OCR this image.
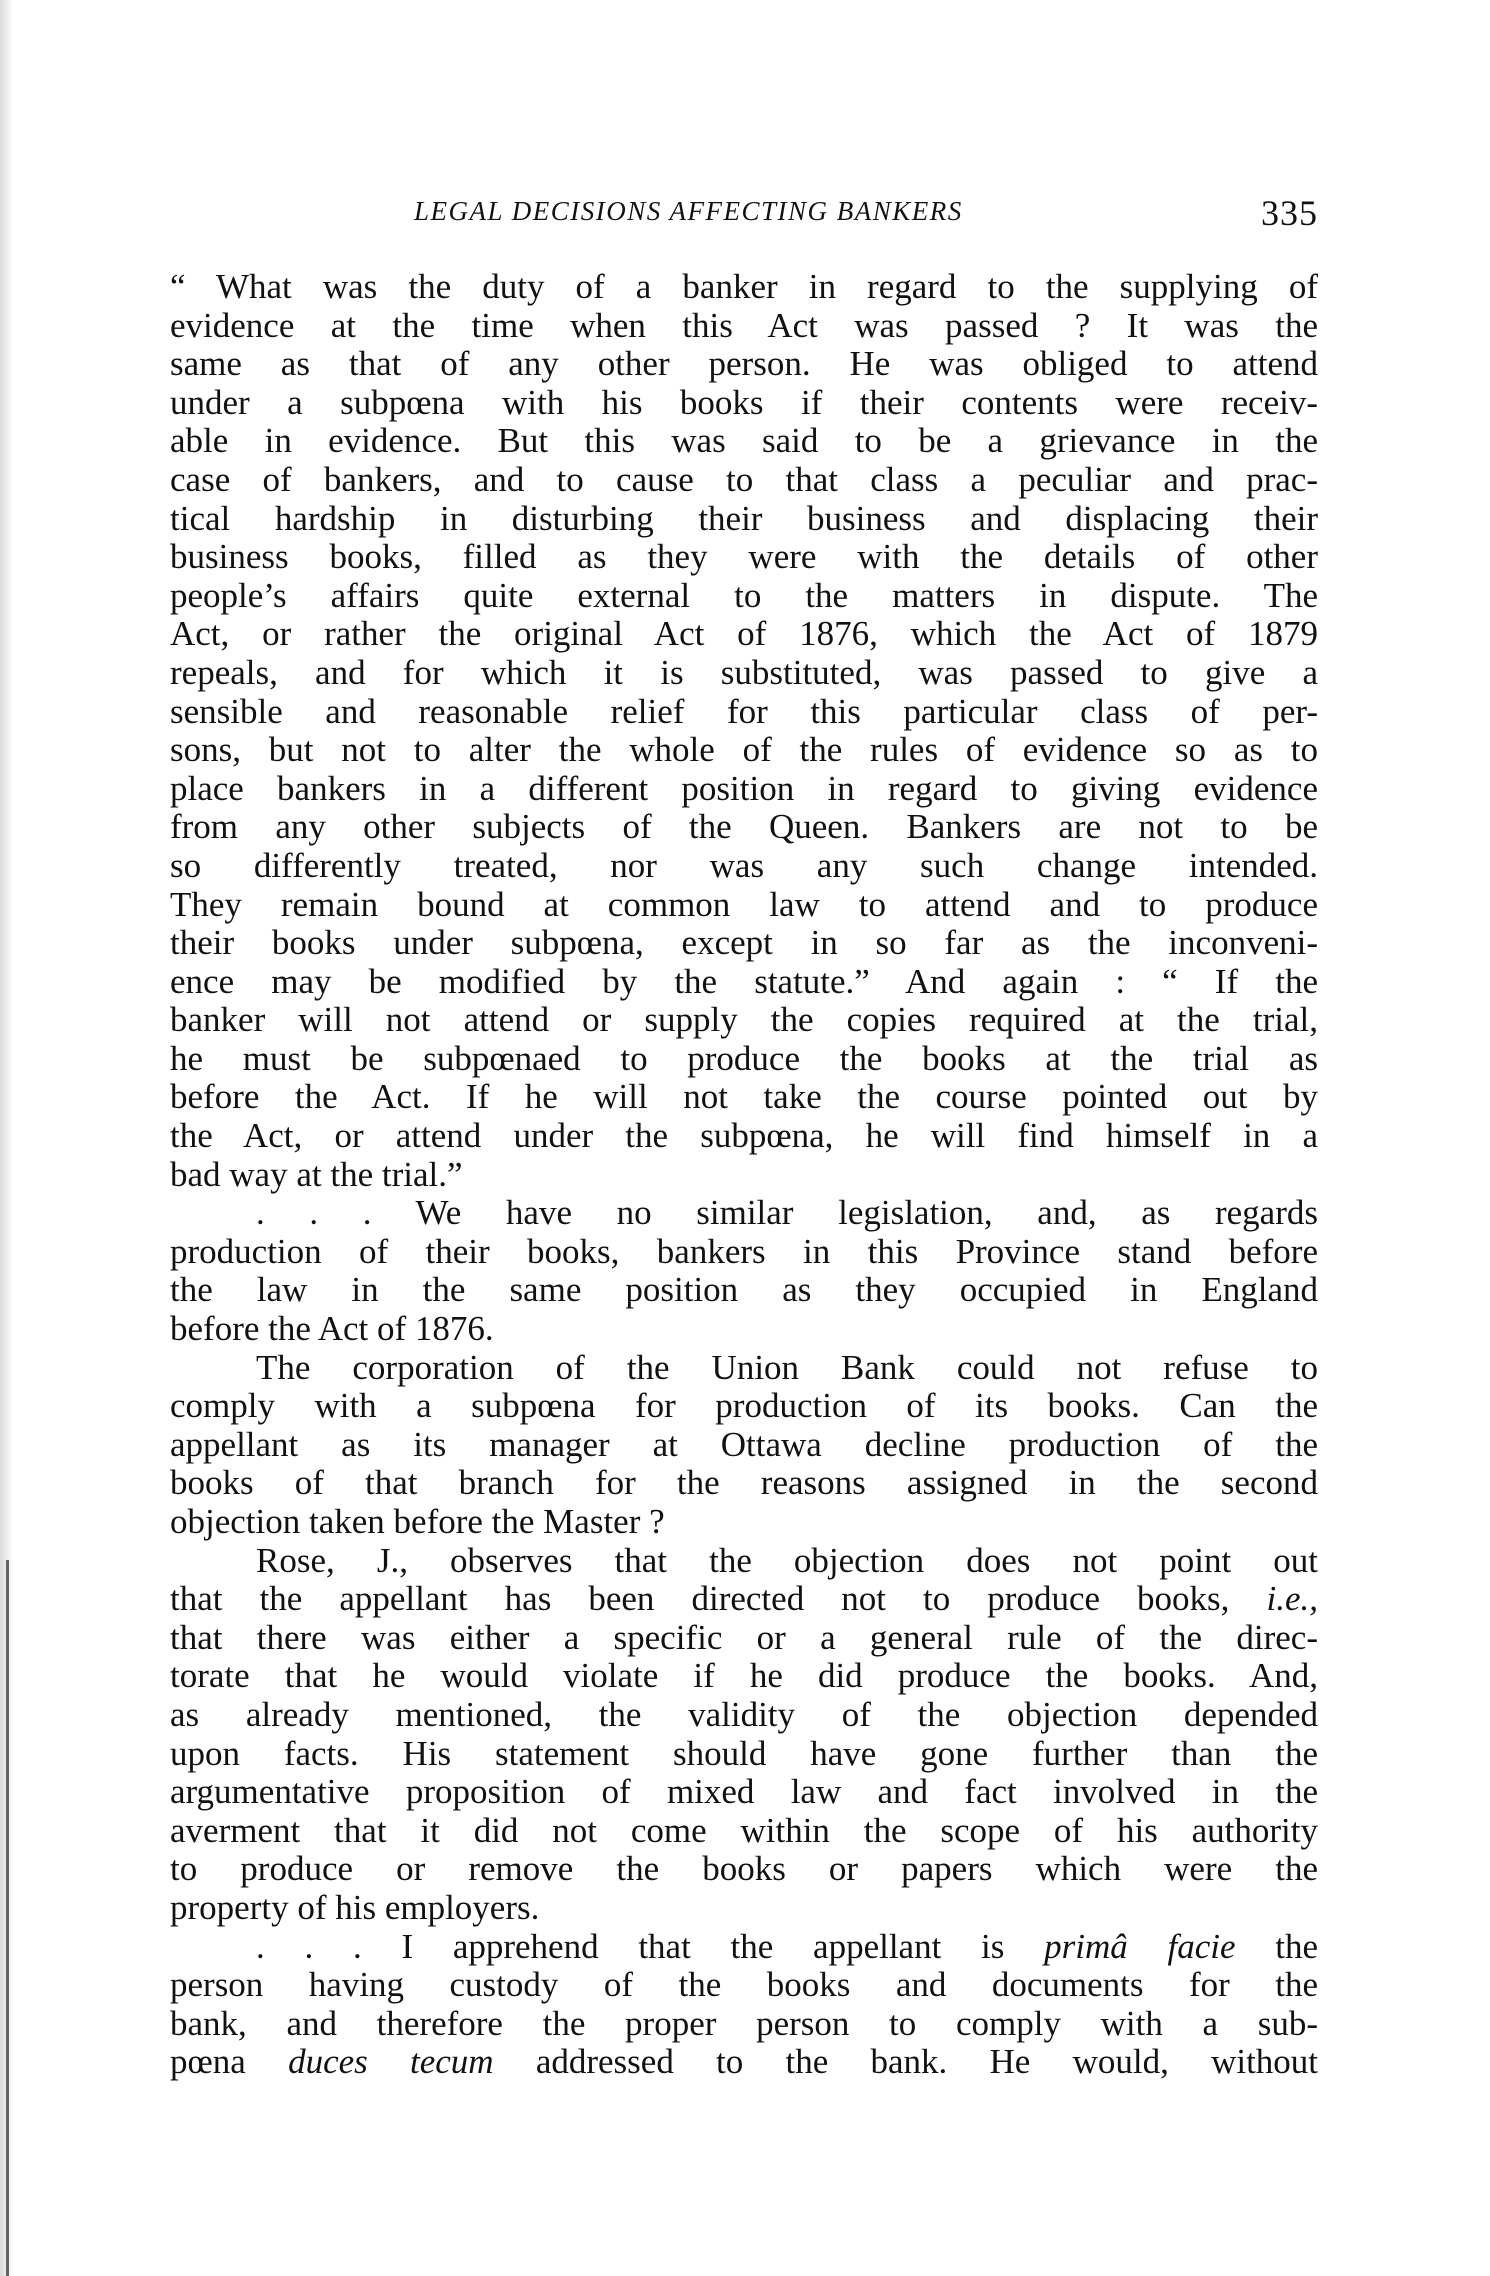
LEGAL DECISIONS AFFECTING BANKERS	335
“ What was the duty of a banker in regard to the supplying of
evidence at the time when this Act was passed ? It was the
same as that of any other person. He was obliged to attend
under a subpœna with his books if their contents were receiv-
able in evidence. But this was said to be a grievance in the
case of bankers, and to cause to that class a peculiar and prac-
tical hardship in disturbing their business and displacing their
business books, filled as they were with the details of other
people’s affairs quite external to the matters in dispute. The
Act, or rather the original Act of 1876, which the Act of 1879
repeals, and for which it is substituted, was passed to give a
sensible and reasonable relief for this particular class of per-
sons, but not to alter the whole of the rules of evidence so as to
place bankers in a different position in regard to giving evidence
from any other subjects of the Queen. Bankers are not to be
so differently treated, nor was any such change intended.
They remain bound at common law to attend and to produce
their books under subpœna, except in so far as the inconveni-
ence may be modified by the statute.” And again : “ If the
banker will not attend or supply the copies required at the trial,
he must be subpœnaed to produce the books at the trial as
before the Act. If he will not take the course pointed out by
the Act, or attend under the subpœna, he will find himself in a
bad way at the trial.”
. . . We have no similar legislation, and, as regards
production of their books, bankers in this Province stand before
the law in the same position as they occupied in England
before the Act of 1876.
The corporation of the Union Bank could not refuse to
comply with a subpœna for production of its books. Can the
appellant as its manager at Ottawa decline production of the
books of that branch for the reasons assigned in the second
objection taken before the Master ?
Rose, J., observes that the objection does not point out
that the appellant has been directed not to produce books, i.e.,
that there was either a specific or a general rule of the direc-
torate that he would violate if he did produce the books. And,
as already mentioned, the validity of the objection depended
upon facts. His statement should have gone further than the
argumentative proposition of mixed law and fact involved in the
averment that it did not come within the scope of his authority
to produce or remove the books or papers which were the
property of his employers.
. . . I apprehend that the appellant is primâ facie the
person having custody of the books and documents for the
bank, and therefore the proper person to comply with a sub-
pœna duces tecum addressed to the bank. He would, without
